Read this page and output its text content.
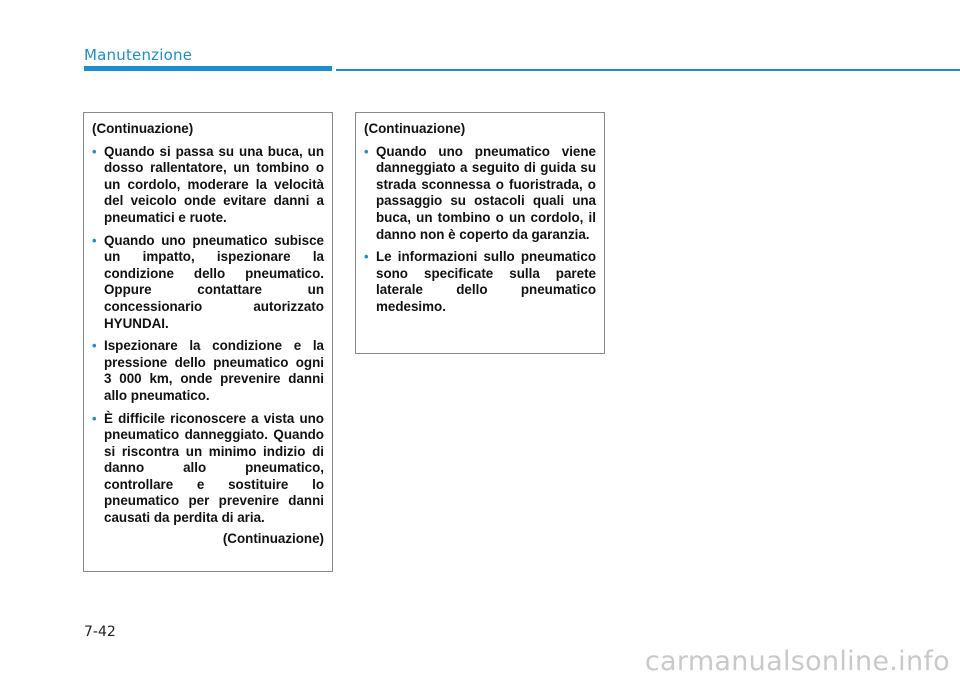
Manutenzione
(Continuazione)
• Quando si passa su una buca, un dosso rallentatore, un tombino o un cordolo, moderare la velocità del veicolo onde evitare danni a pneumatici e ruote.
• Quando uno pneumatico subisce un impatto, ispezionare la condizione dello pneumatico. Oppure contattare un concessionario autorizzato HYUNDAI.
• Ispezionare la condizione e la pressione dello pneumatico ogni 3 000 km, onde prevenire danni allo pneumatico.
• È difficile riconoscere a vista uno pneumatico danneggiato. Quando si riscontra un minimo indizio di danno allo pneumatico, controllare e sostituire lo pneumatico per prevenire danni causati da perdita di aria.
(Continuazione)
(Continuazione)
• Quando uno pneumatico viene danneggiato a seguito di guida su strada sconnessa o fuoristrada, o passaggio su ostacoli quali una buca, un tombino o un cordolo, il danno non è coperto da garanzia.
• Le informazioni sullo pneumatico sono specificate sulla parete laterale dello pneumatico medesimo.
7-42
carmanualsonline.info
